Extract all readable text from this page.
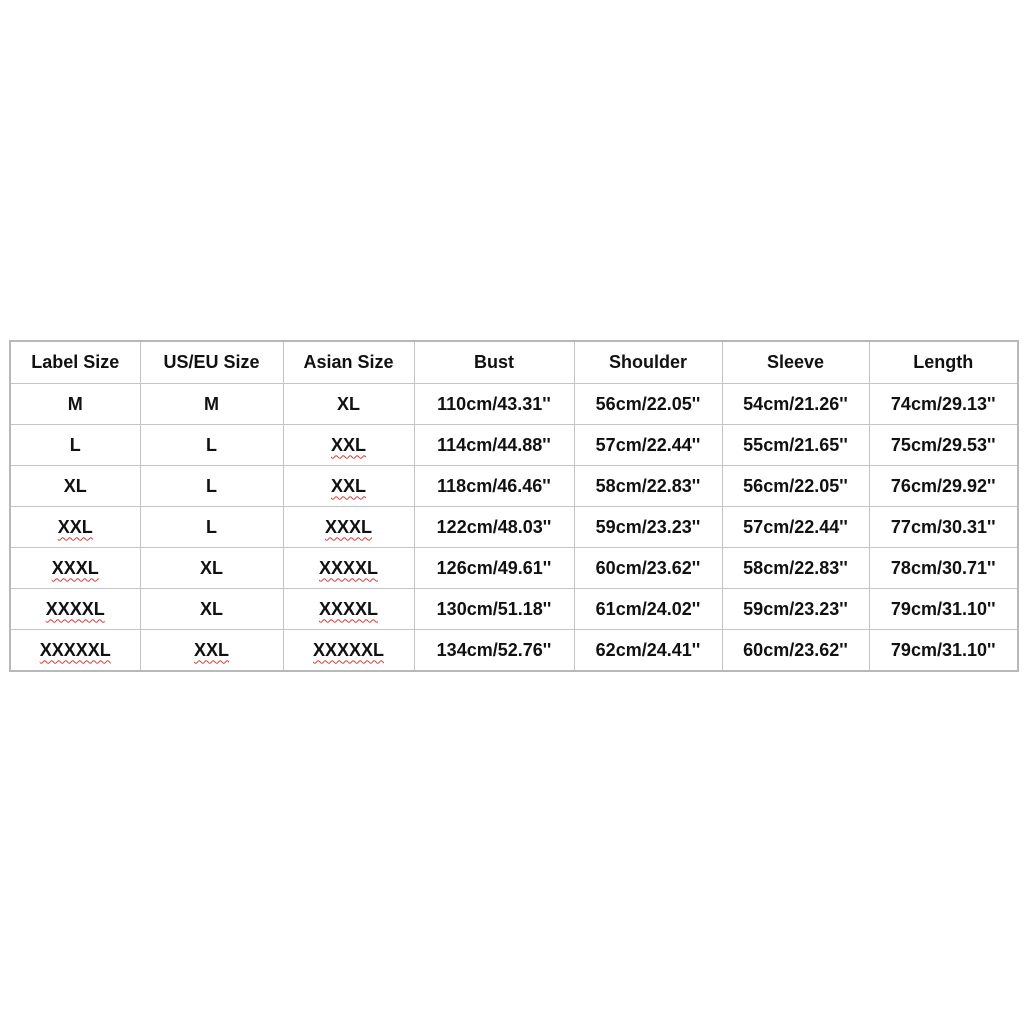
Label Size	US/EU Size	Asian Size	Bust	Shoulder	Sleeve	Length
M	M	XL	110cm/43.31''	56cm/22.05''	54cm/21.26''	74cm/29.13''
L	L	XXL	114cm/44.88''	57cm/22.44''	55cm/21.65''	75cm/29.53''
XL	L	XXL	118cm/46.46''	58cm/22.83''	56cm/22.05''	76cm/29.92''
XXL	L	XXXL	122cm/48.03''	59cm/23.23''	57cm/22.44''	77cm/30.31''
XXXL	XL	XXXXL	126cm/49.61''	60cm/23.62''	58cm/22.83''	78cm/30.71''
XXXXL	XL	XXXXL	130cm/51.18''	61cm/24.02''	59cm/23.23''	79cm/31.10''
XXXXXL	XXL	XXXXXL	134cm/52.76''	62cm/24.41''	60cm/23.62''	79cm/31.10''
